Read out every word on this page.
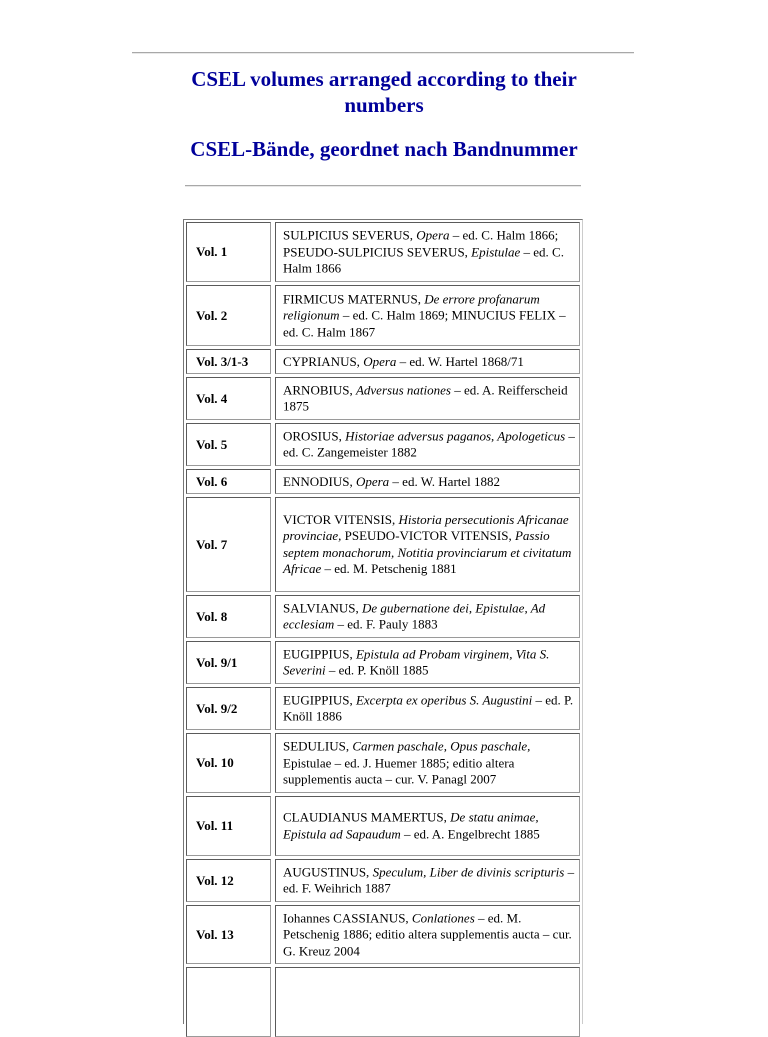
CSEL volumes arranged according to their numbers
CSEL-Bände, geordnet nach Bandnummer
Vol. 1
SULPICIUS SEVERUS, Opera – ed. C. Halm 1866; PSEUDO-SULPICIUS SEVERUS, Epistulae – ed. C. Halm 1866
Vol. 2
FIRMICUS MATERNUS, De errore profanarum religionum – ed. C. Halm 1869; MINUCIUS FELIX – ed. C. Halm 1867
Vol. 3/1-3	CYPRIANUS, Opera – ed. W. Hartel 1868/71
Vol. 4
ARNOBIUS, Adversus nationes – ed. A. Reifferscheid 1875
Vol. 5
OROSIUS, Historiae adversus paganos, Apologeticus – ed. C. Zangemeister 1882
Vol. 6	ENNODIUS, Opera – ed. W. Hartel 1882
Vol. 7
VICTOR VITENSIS, Historia persecutionis Africanae provinciae, PSEUDO-VICTOR VITENSIS, Passio septem monachorum, Notitia provinciarum et civitatum Africae – ed. M. Petschenig 1881
Vol. 8
SALVIANUS, De gubernatione dei, Epistulae, Ad ecclesiam – ed. F. Pauly 1883
Vol. 9/1
EUGIPPIUS, Epistula ad Probam virginem, Vita S. Severini – ed. P. Knöll 1885
Vol. 9/2
EUGIPPIUS, Excerpta ex operibus S. Augustini – ed. P. Knöll 1886
Vol. 10
SEDULIUS, Carmen paschale, Opus paschale, Epistulae – ed. J. Huemer 1885; editio altera supplementis aucta – cur. V. Panagl 2007
Vol. 11
CLAUDIANUS MAMERTUS, De statu animae, Epistula ad Sapaudum – ed. A. Engelbrecht 1885
Vol. 12
AUGUSTINUS, Speculum, Liber de divinis scripturis – ed. F. Weihrich 1887
Vol. 13
Iohannes CASSIANUS, Conlationes – ed. M. Petschenig 1886; editio altera supplementis aucta – cur. G. Kreuz 2004
